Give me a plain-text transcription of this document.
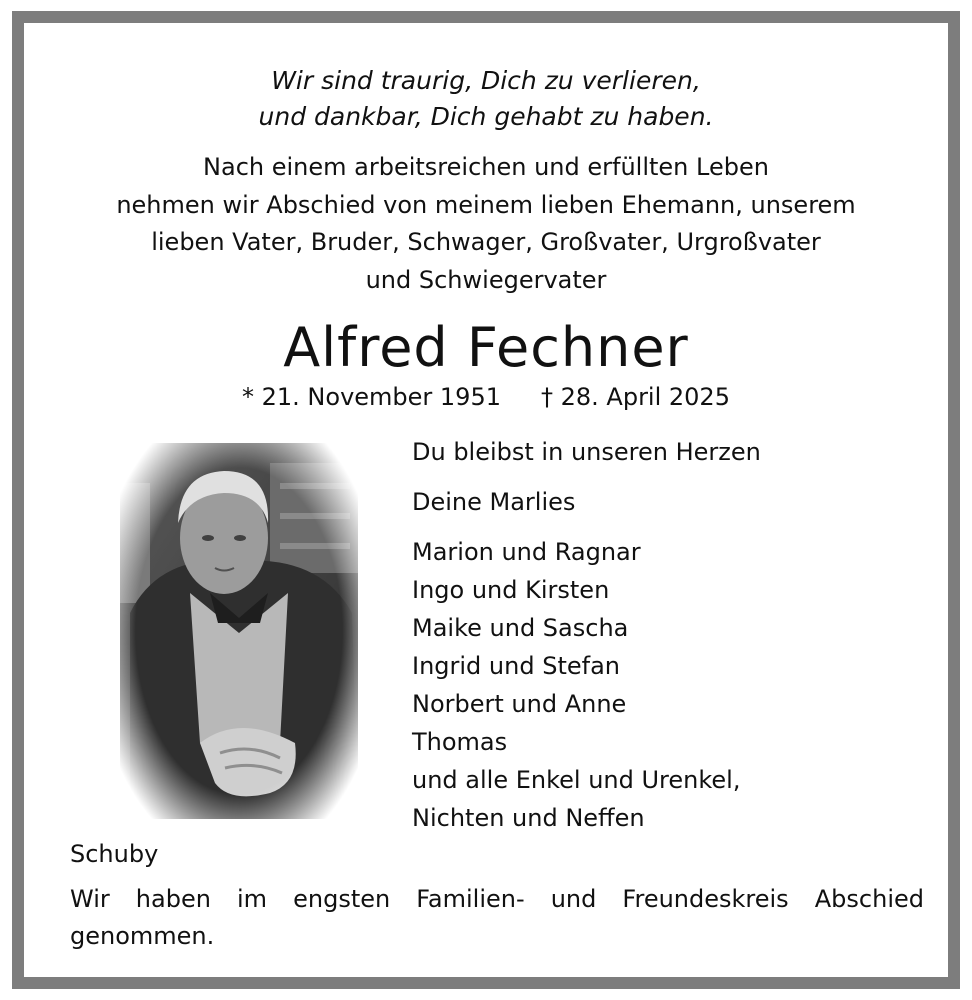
Wir sind traurig, Dich zu verlieren,
und dankbar, Dich gehabt zu haben.
Nach einem arbeitsreichen und erfüllten Leben
nehmen wir Abschied von meinem lieben Ehemann, unserem
lieben Vater, Bruder, Schwager, Großvater, Urgroßvater
und Schwiegervater
Alfred Fechner
* 21. November 1951 † 28. April 2025
Du bleibst in unseren Herzen
Deine Marlies
Marion und Ragnar
Ingo und Kirsten
Maike und Sascha
Ingrid und Stefan
Norbert und Anne
Thomas
und alle Enkel und Urenkel,
Nichten und Neffen
Schuby
Wir haben im engsten Familien- und Freundeskreis Abschied genommen.
